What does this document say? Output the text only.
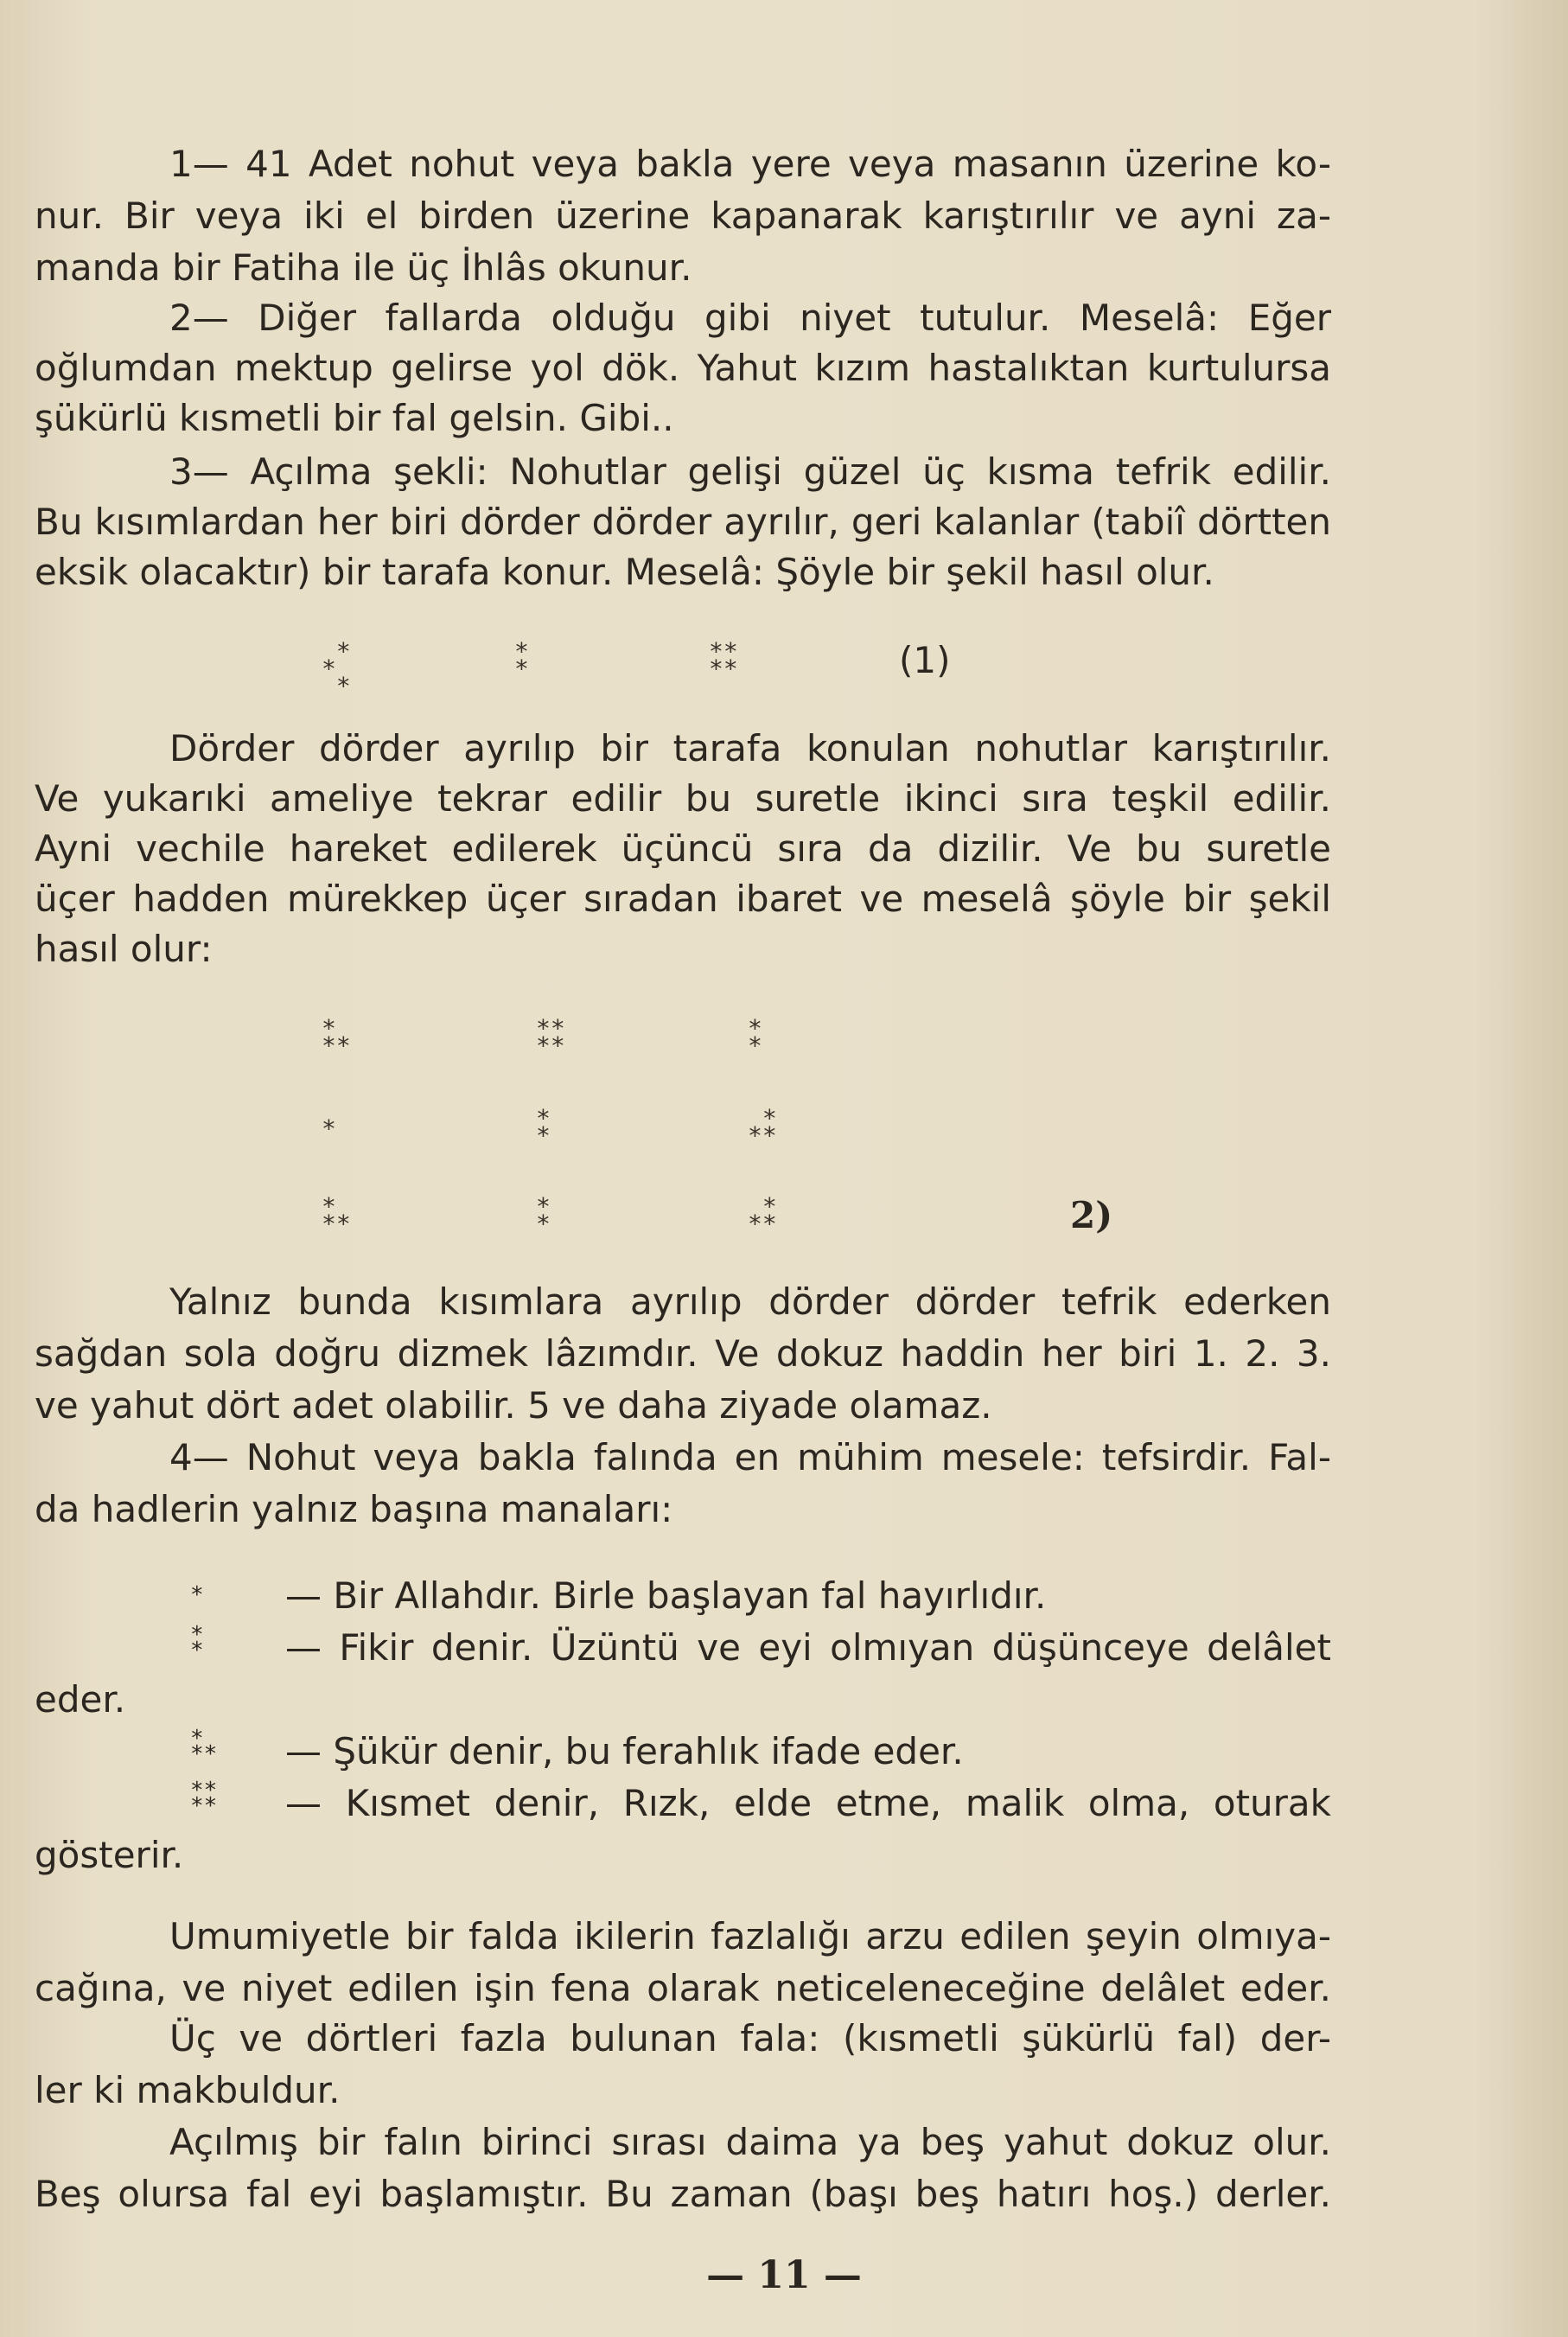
1— 41 Adet nohut veya bakla yere veya masanın üzerine ko-
nur. Bir veya iki el birden üzerine kapanarak karıştırılır ve ayni za-
manda bir Fatiha ile üç İhlâs okunur.
2— Diğer fallarda olduğu gibi niyet tutulur. Meselâ: Eğer
oğlumdan mektup gelirse yol dök. Yahut kızım hastalıktan kurtulursa
şükürlü kısmetli bir fal gelsin. Gibi..
3— Açılma şekli: Nohutlar gelişi güzel üç kısma tefrik edilir.
Bu kısımlardan her biri dörder dörder ayrılır, geri kalanlar (tabiî dörtten
eksik olacaktır) bir tarafa konur. Meselâ: Şöyle bir şekil hasıl olur.
*
*
*
*
*
**
**	(1)
Dörder dörder ayrılıp bir tarafa konulan nohutlar karıştırılır.
Ve yukarıki ameliye tekrar edilir bu suretle ikinci sıra teşkil edilir.
Ayni vechile hareket edilerek üçüncü sıra da dizilir. Ve bu suretle
üçer hadden mürekkep üçer sıradan ibaret ve meselâ şöyle bir şekil
hasıl olur:
*
**
**
**
*
*
*	*
*
*
**
*
**
*
*
*
**	2)
Yalnız bunda kısımlara ayrılıp dörder dörder tefrik ederken
sağdan sola doğru dizmek lâzımdır. Ve dokuz haddin her biri 1. 2. 3.
ve yahut dört adet olabilir. 5 ve daha ziyade olamaz.
4— Nohut veya bakla falında en mühim mesele: tefsirdir. Fal-
da hadlerin yalnız başına manaları:
*	— Bir Allahdır. Birle başlayan fal hayırlıdır.
*
*	— Fikir denir. Üzüntü ve eyi olmıyan düşünceye delâlet
eder.
*
**	— Şükür denir, bu ferahlık ifade eder.
**
**	— Kısmet denir, Rızk, elde etme, malik olma, oturak
gösterir.
Umumiyetle bir falda ikilerin fazlalığı arzu edilen şeyin olmıya-
cağına, ve niyet edilen işin fena olarak neticeleneceğine delâlet eder.
Üç ve dörtleri fazla bulunan fala: (kısmetli şükürlü fal) der-
ler ki makbuldur.
Açılmış bir falın birinci sırası daima ya beş yahut dokuz olur.
Beş olursa fal eyi başlamıştır. Bu zaman (başı beş hatırı hoş.) derler.
— 11 —
